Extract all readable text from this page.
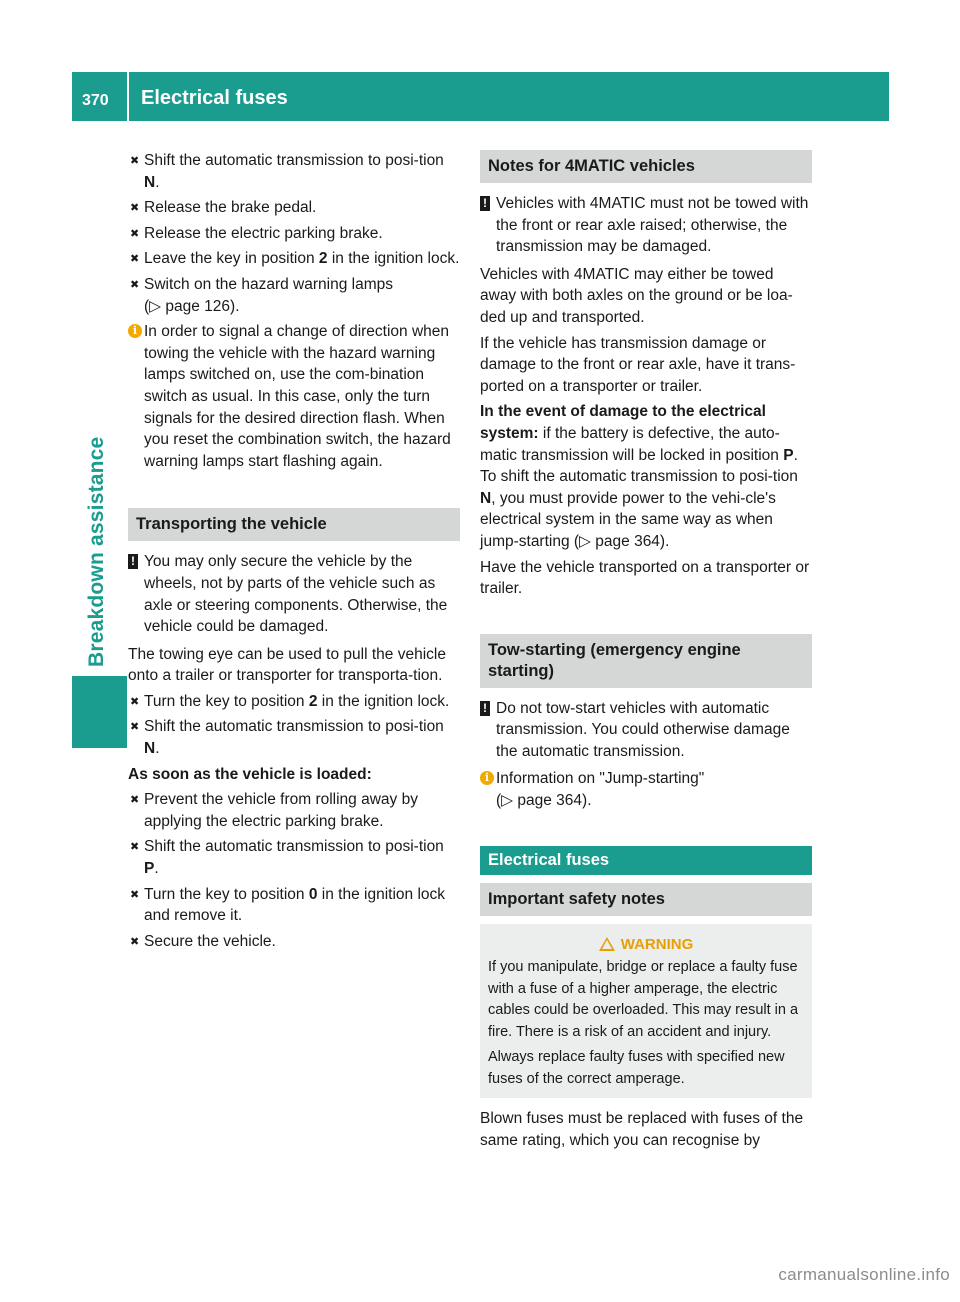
370 Electrical fuses
Breakdown assistance
✖ Shift the automatic transmission to posi-tion N.
✖ Release the brake pedal.
✖ Release the electric parking brake.
✖ Leave the key in position 2 in the ignition lock.
✖ Switch on the hazard warning lamps
(▷ page 126).
i In order to signal a change of direction when towing the vehicle with the hazard warning lamps switched on, use the com-bination switch as usual. In this case, only the turn signals for the desired direction flash. When you reset the combination switch, the hazard warning lamps start flashing again.
Transporting the vehicle
! You may only secure the vehicle by the wheels, not by parts of the vehicle such as axle or steering components. Otherwise, the vehicle could be damaged.

The towing eye can be used to pull the vehicle onto a trailer or transporter for transporta-tion.

✖ Turn the key to position 2 in the ignition lock.
✖ Shift the automatic transmission to posi-tion N.

As soon as the vehicle is loaded:

✖ Prevent the vehicle from rolling away by applying the electric parking brake.
✖ Shift the automatic transmission to posi-tion P.
✖ Turn the key to position 0 in the ignition lock and remove it.
✖ Secure the vehicle.
Notes for 4MATIC vehicles
! Vehicles with 4MATIC must not be towed with the front or rear axle raised; otherwise, the transmission may be damaged.

Vehicles with 4MATIC may either be towed away with both axles on the ground or be loa-ded up and transported.

If the vehicle has transmission damage or damage to the front or rear axle, have it trans-ported on a transporter or trailer.

In the event of damage to the electrical system: if the battery is defective, the auto-matic transmission will be locked in position P. To shift the automatic transmission to posi-tion N, you must provide power to the vehi-cle's electrical system in the same way as when jump-starting (▷ page 364).

Have the vehicle transported on a transporter or trailer.

Tow-starting (emergency engine starting)
! Do not tow-start vehicles with automatic transmission. You could otherwise damage the automatic transmission.
i Information on "Jump-starting"
(▷ page 364).
Electrical fuses
Important safety notes
WARNING
If you manipulate, bridge or replace a faulty fuse with a fuse of a higher amperage, the electric cables could be overloaded. This may result in a fire. There is a risk of an accident and injury.
Always replace faulty fuses with specified new fuses of the correct amperage.

Blown fuses must be replaced with fuses of the same rating, which you can recognise by

carmanualsonline.info
